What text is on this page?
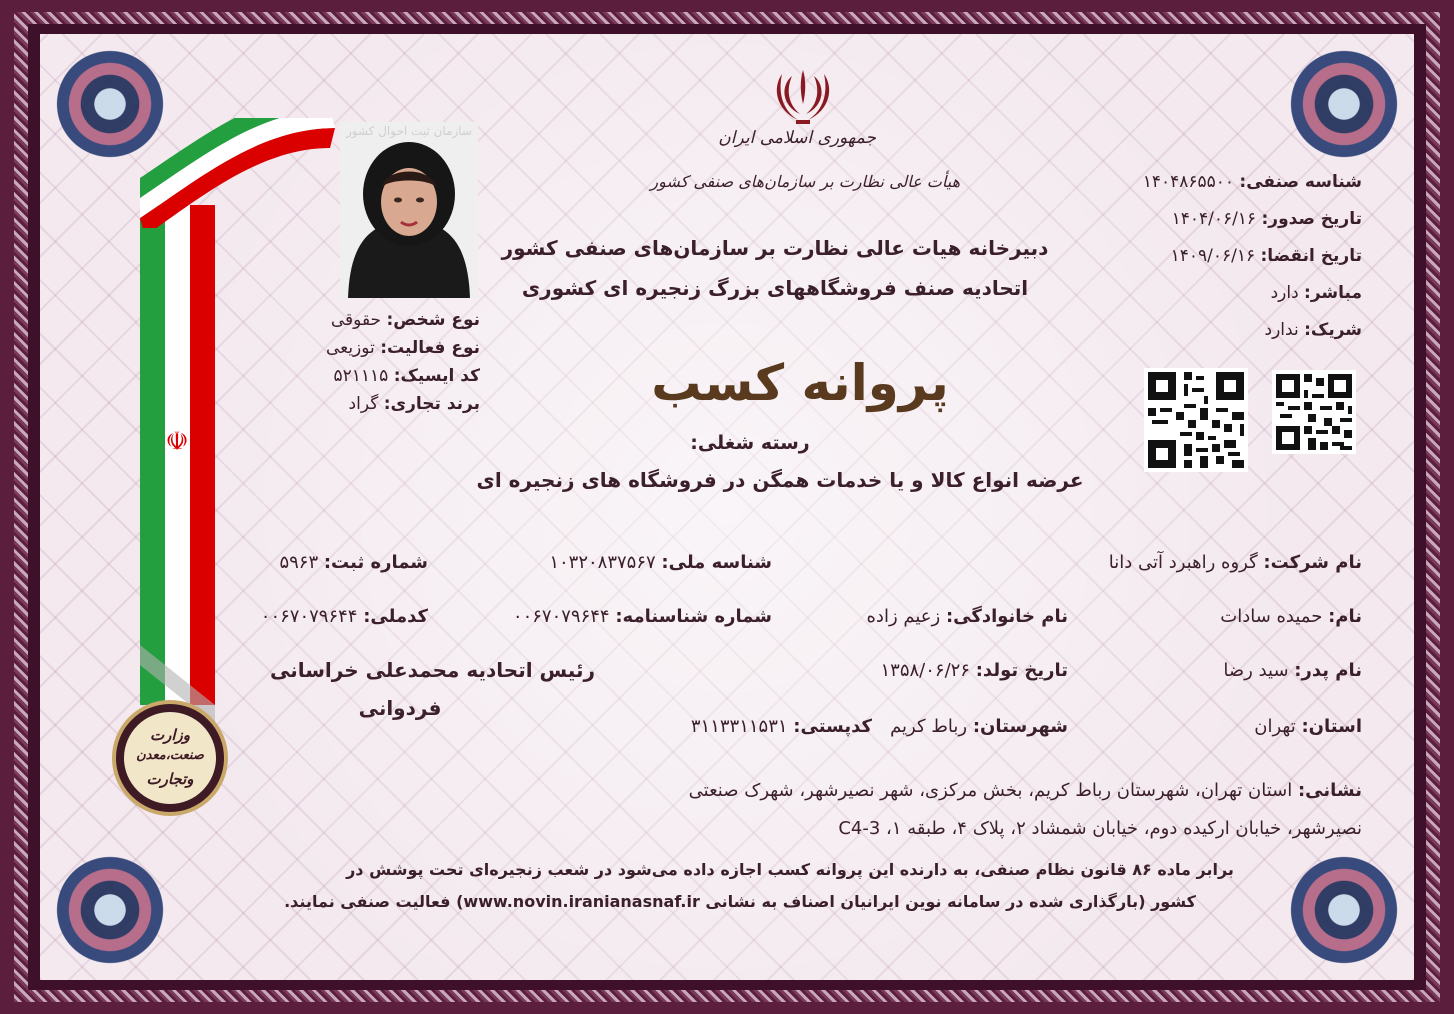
جمهوری اسلامی ایران
هیأت عالی نظارت بر سازمان‌های صنفی کشور	شناسه صنفی: ۱۴۰۴۸۶۵۵۰۰
تاریخ صدور: ۱۴۰۴/۰۶/۱۶
تاریخ انقضا: ۱۴۰۹/۰۶/۱۶
مباشر: دارد
شریک: ندارد
☫
سازمان ثبت احوال کشور
نوع شخص: حقوقی
نوع فعالیت: توزیعی
کد ایسیک: ۵۲۱۱۱۵
برند تجاری: گراد
دبیرخانه هیات عالی نظارت بر سازمان‌های صنفی کشور
اتحادیه صنف فروشگاههای بزرگ زنجیره ای کشوری
پروانه کسب
رسته شغلی:
عرضه انواع کالا و یا خدمات همگن در فروشگاه های زنجیره ای
نام شرکت: گروه راهبرد آتی دانا
شناسه ملی: ۱۰۳۲۰۸۳۷۵۶۷
شماره ثبت: ۵۹۶۳
نام: حمیده سادات
نام خانوادگی: زعیم زاده
شماره شناسنامه: ۰۰۶۷۰۷۹۶۴۴
کدملی: ۰۰۶۷۰۷۹۶۴۴
نام پدر: سید رضا
تاریخ تولد: ۱۳۵۸/۰۶/۲۶
استان: تهران
شهرستان: رباط کریم
کدپستی: ۳۱۱۳۳۱۱۵۳۱
نشانی: استان تهران، شهرستان رباط کریم، بخش مرکزی، شهر نصیرشهر، شهرک صنعتی
نصیرشهر، خیابان ارکیده دوم، خیابان شمشاد ۲، پلاک ۴، طبقه ۱، C4-3
رئیس اتحادیه محمدعلی خراسانی
فردوانی
برابر ماده ۸۶ قانون نظام صنفی، به دارنده این پروانه کسب اجازه داده می‌شود در شعب زنجیره‌ای تحت پوشش در
کشور (بارگذاری شده در سامانه نوین ایرانیان اصناف به نشانی www.novin.iranianasnaf.ir) فعالیت صنفی نمایند.
وزارت
صنعت،معدن
وتجارت
